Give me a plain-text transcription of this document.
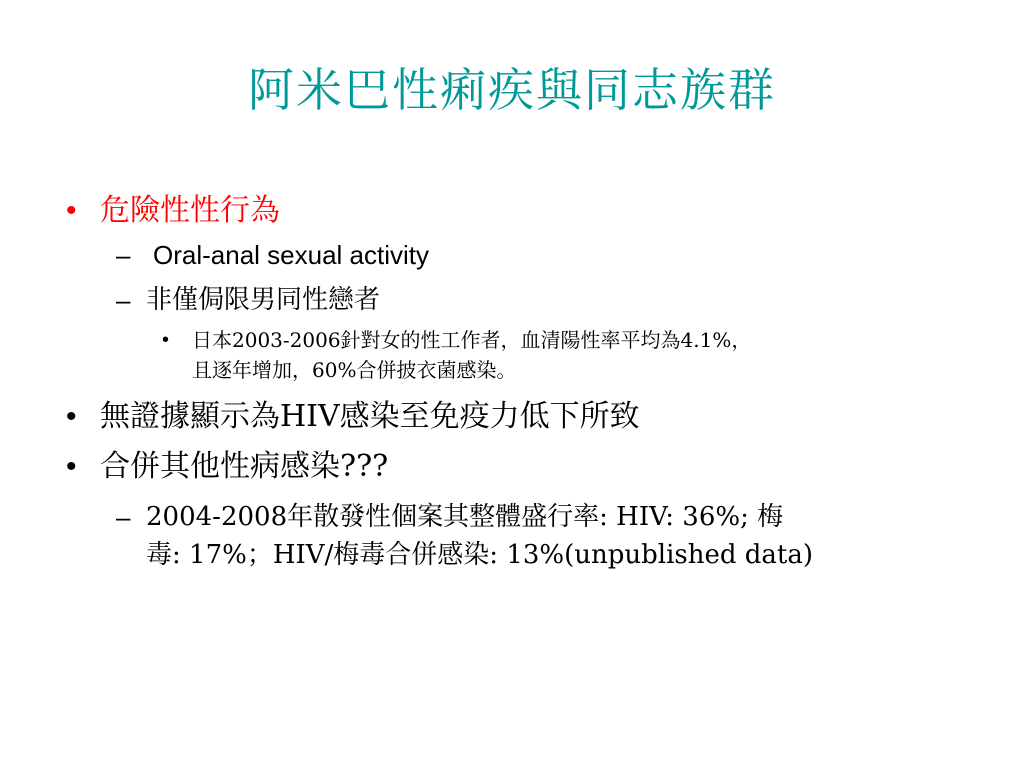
阿米巴性痢疾與同志族群
• 危險性性行為
– Oral-anal sexual activity
– 非僅侷限男同性戀者
• 日本2003-2006針對女的性工作者，血清陽性率平均為4.1%，
且逐年增加，60%合併披衣菌感染。
• 無證據顯示為HIV感染至免疫力低下所致
• 合併其他性病感染???
– 2004-2008年散發性個案其整體盛行率: HIV: 36%; 梅
毒: 17%；HIV/梅毒合併感染: 13%(unpublished data)
